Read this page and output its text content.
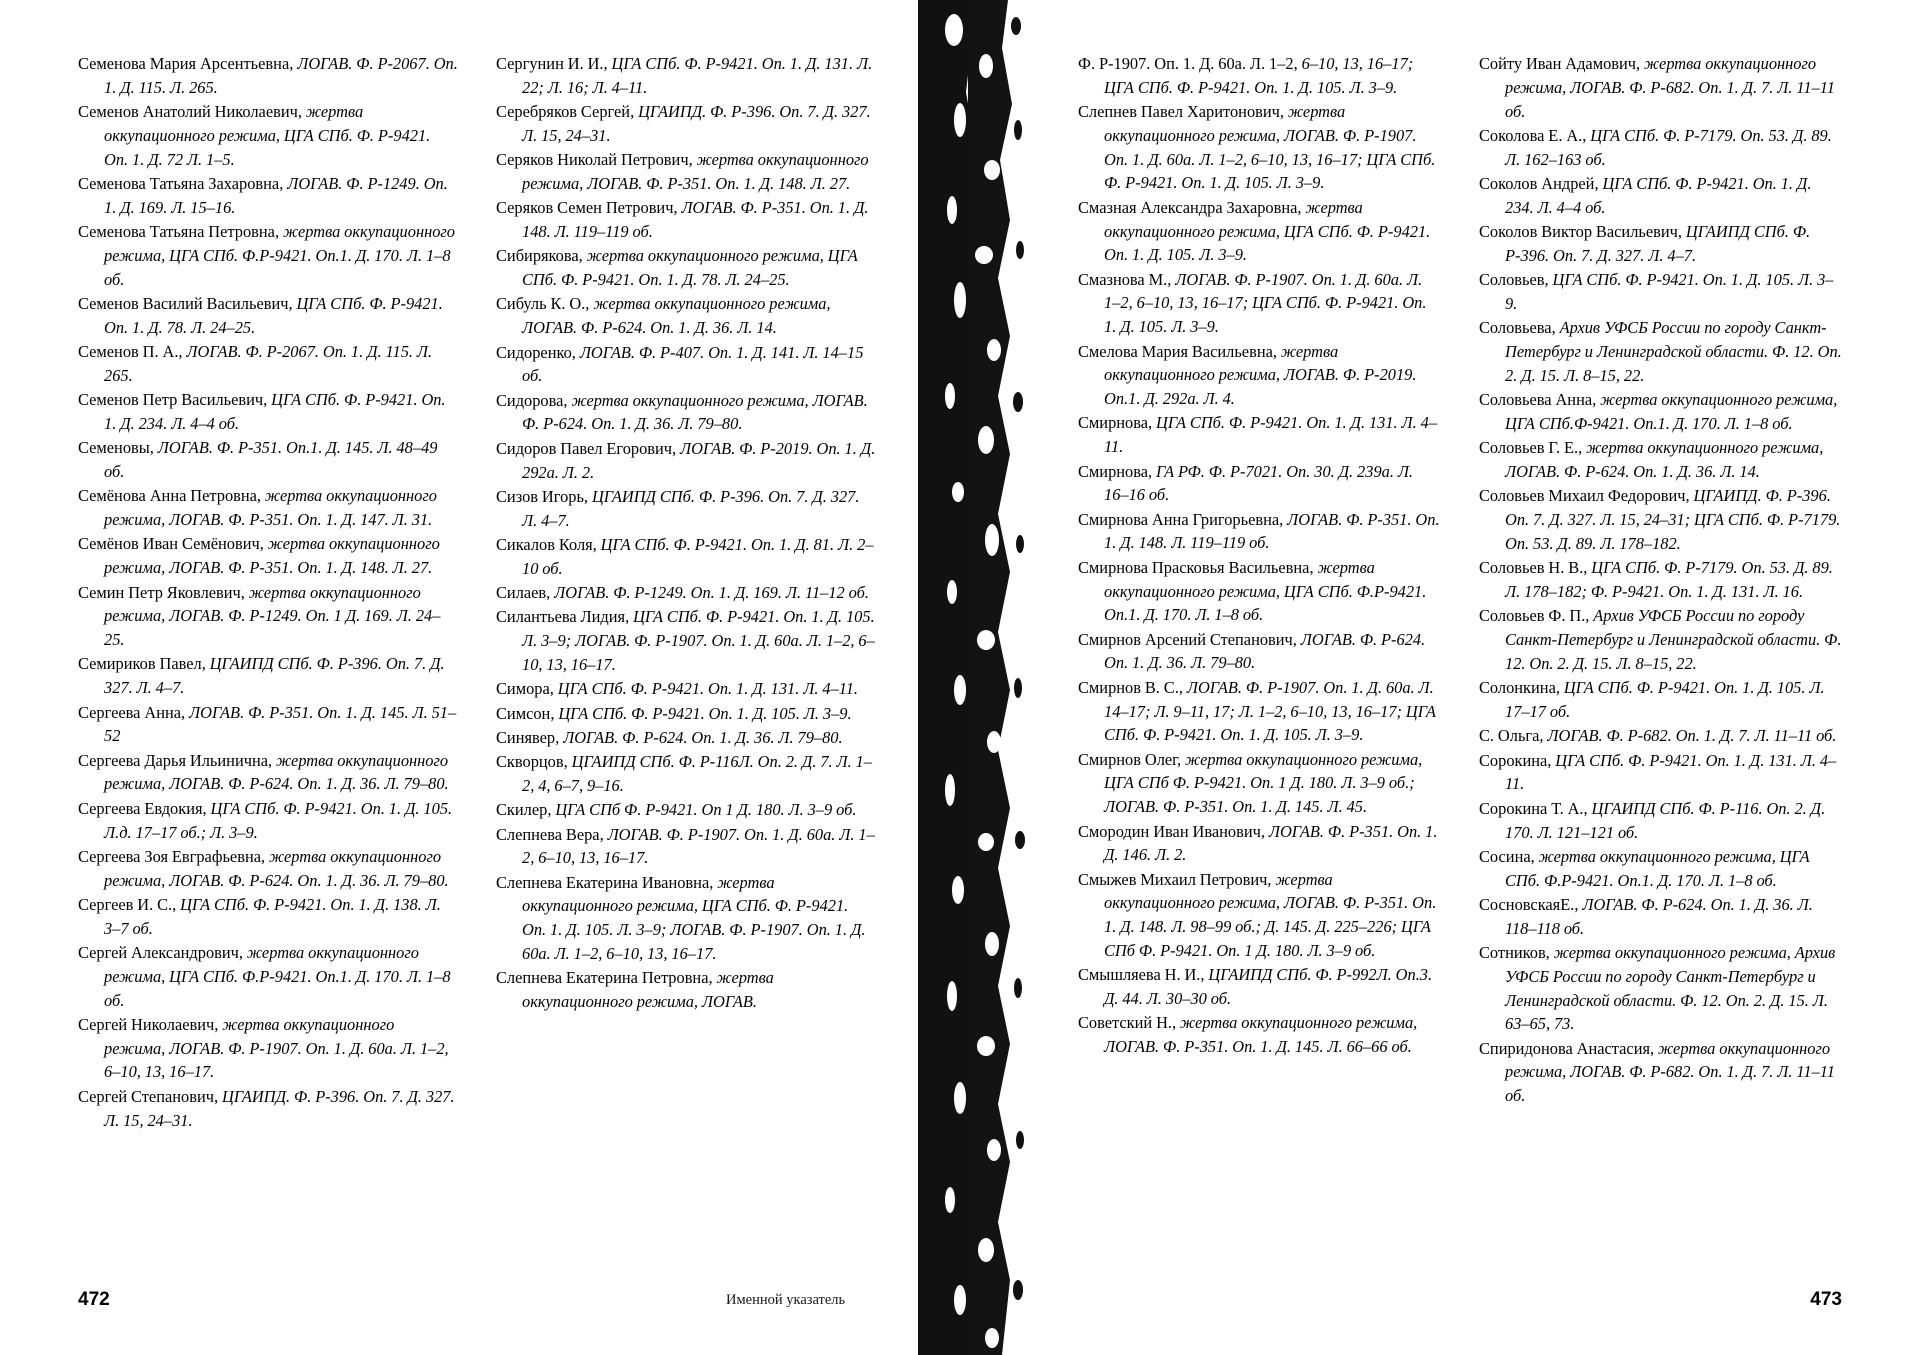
Семенова Мария Арсентьевна, ЛОГАВ. Ф. Р-2067. Оп. 1. Д. 115. Л. 265.

Семенов Анатолий Николаевич, жертва оккупационного режима, ЦГА СПб. Ф. Р-9421. Оп. 1. Д. 72 Л. 1–5.

Семенова Татьяна Захаровна, ЛОГАВ. Ф. Р-1249. Оп. 1. Д. 169. Л. 15–16.

Семенова Татьяна Петровна, жертва оккупационного режима, ЦГА СПб. Ф.Р-9421. Оп.1. Д. 170. Л. 1–8 об.

Семенов Василий Васильевич, ЦГА СПб. Ф. Р-9421. Оп. 1. Д. 78. Л. 24–25.

Семенов П. А., ЛОГАВ. Ф. Р-2067. Оп. 1. Д. 115. Л. 265.

Семенов Петр Васильевич, ЦГА СПб. Ф. Р-9421. Оп. 1. Д. 234. Л. 4–4 об.

Семеновы, ЛОГАВ. Ф. Р-351. Оп.1. Д. 145. Л. 48–49 об.

Семёнова Анна Петровна, жертва оккупационного режима, ЛОГАВ. Ф. Р-351. Оп. 1. Д. 147. Л. 31.

Семёнов Иван Семёнович, жертва оккупационного режима, ЛОГАВ. Ф. Р-351. Оп. 1. Д. 148. Л. 27.

Семин Петр Яковлевич, жертва оккупационного режима, ЛОГАВ. Ф. Р-1249. Оп. 1 Д. 169. Л. 24–25.

Семириков Павел, ЦГАИПД СПб. Ф. Р-396. Оп. 7. Д. 327. Л. 4–7.

Сергеева Анна, ЛОГАВ. Ф. Р-351. Оп. 1. Д. 145. Л. 51–52

Сергеева Дарья Ильинична, жертва оккупационного режима, ЛОГАВ. Ф. Р-624. Оп. 1. Д. 36. Л. 79–80.

Сергеева Евдокия, ЦГА СПб. Ф. Р-9421. Оп. 1. Д. 105. Л.д. 17–17 об.; Л. 3–9.

Сергеева Зоя Евграфьевна, жертва оккупационного режима, ЛОГАВ. Ф. Р-624. Оп. 1. Д. 36. Л. 79–80.

Сергеев И. С., ЦГА СПб. Ф. Р-9421. Оп. 1. Д. 138. Л. 3–7 об.

Сергей Александрович, жертва оккупационного режима, ЦГА СПб. Ф.Р-9421. Оп.1. Д. 170. Л. 1–8 об.

Сергей Николаевич, жертва оккупационного режима, ЛОГАВ. Ф. Р-1907. Оп. 1. Д. 60а. Л. 1–2, 6–10, 13, 16–17.

Сергей Степанович, ЦГАИПД. Ф. Р-396. Оп. 7. Д. 327. Л. 15, 24–31.

Сергунин И. И., ЦГА СПб. Ф. Р-9421. Оп. 1. Д. 131. Л. 22; Л. 16; Л. 4–11.

Серебряков Сергей, ЦГАИПД. Ф. Р-396. Оп. 7. Д. 327. Л. 15, 24–31.

Серяков Николай Петрович, жертва оккупационного режима, ЛОГАВ. Ф. Р-351. Оп. 1. Д. 148. Л. 27.

Серяков Семен Петрович, ЛОГАВ. Ф. Р-351. Оп. 1. Д. 148. Л. 119–119 об.

Сибирякова, жертва оккупационного режима, ЦГА СПб. Ф. Р-9421. Оп. 1. Д. 78. Л. 24–25.

Сибуль К. О., жертва оккупационного режима, ЛОГАВ. Ф. Р-624. Оп. 1. Д. 36. Л. 14.

Сидоренко, ЛОГАВ. Ф. Р-407. Оп. 1. Д. 141. Л. 14–15 об.

Сидорова, жертва оккупационного режима, ЛОГАВ. Ф. Р-624. Оп. 1. Д. 36. Л. 79–80.

Сидоров Павел Егорович, ЛОГАВ. Ф. Р-2019. Оп. 1. Д. 292а. Л. 2.

Сизов Игорь, ЦГАИПД СПб. Ф. Р-396. Оп. 7. Д. 327. Л. 4–7.

Сикалов Коля, ЦГА СПб. Ф. Р-9421. Оп. 1. Д. 81. Л. 2–10 об.

Силаев, ЛОГАВ. Ф. Р-1249. Оп. 1. Д. 169. Л. 11–12 об.

Силантьева Лидия, ЦГА СПб. Ф. Р-9421. Оп. 1. Д. 105. Л. 3–9; ЛОГАВ. Ф. Р-1907. Оп. 1. Д. 60а. Л. 1–2, 6–10, 13, 16–17.

Симора, ЦГА СПб. Ф. Р-9421. Оп. 1. Д. 131. Л. 4–11.

Симсон, ЦГА СПб. Ф. Р-9421. Оп. 1. Д. 105. Л. 3–9.

Синявер, ЛОГАВ. Ф. Р-624. Оп. 1. Д. 36. Л. 79–80.

Скворцов, ЦГАИПД СПб. Ф. Р-116Л. Оп. 2. Д. 7. Л. 1–2, 4, 6–7, 9–16.

Скилер, ЦГА СПб Ф. Р-9421. Оп 1 Д. 180. Л. 3–9 об.

Слепнева Вера, ЛОГАВ. Ф. Р-1907. Оп. 1. Д. 60а. Л. 1–2, 6–10, 13, 16–17.

Слепнева Екатерина Ивановна, жертва оккупационного режима, ЦГА СПб. Ф. Р-9421. Оп. 1. Д. 105. Л. 3–9; ЛОГАВ. Ф. Р-1907. Оп. 1. Д. 60а. Л. 1–2, 6–10, 13, 16–17.

Слепнева Екатерина Петровна, жертва оккупационного режима, ЛОГАВ.

472	Именной указатель

Ф. Р-1907. Оп. 1. Д. 60а. Л. 1–2, 6–10, 13, 16–17; ЦГА СПб. Ф. Р-9421. Оп. 1. Д. 105. Л. 3–9.

Слепнев Павел Харитонович, жертва оккупационного режима, ЛОГАВ. Ф. Р-1907. Оп. 1. Д. 60а. Л. 1–2, 6–10, 13, 16–17; ЦГА СПб. Ф. Р-9421. Оп. 1. Д. 105. Л. 3–9.

Смазная Александра Захаровна, жертва оккупационного режима, ЦГА СПб. Ф. Р-9421. Оп. 1. Д. 105. Л. 3–9.

Смазнова М., ЛОГАВ. Ф. Р-1907. Оп. 1. Д. 60а. Л. 1–2, 6–10, 13, 16–17; ЦГА СПб. Ф. Р-9421. Оп. 1. Д. 105. Л. 3–9.

Смелова Мария Васильевна, жертва оккупационного режима, ЛОГАВ. Ф. Р-2019. Оп.1. Д. 292а. Л. 4.

Смирнова, ЦГА СПб. Ф. Р-9421. Оп. 1. Д. 131. Л. 4–11.

Смирнова, ГА РФ. Ф. Р-7021. Оп. 30. Д. 239а. Л. 16–16 об.

Смирнова Анна Григорьевна, ЛОГАВ. Ф. Р-351. Оп. 1. Д. 148. Л. 119–119 об.

Смирнова Прасковья Васильевна, жертва оккупационного режима, ЦГА СПб. Ф.Р-9421. Оп.1. Д. 170. Л. 1–8 об.

Смирнов Арсений Степанович, ЛОГАВ. Ф. Р-624. Оп. 1. Д. 36. Л. 79–80.

Смирнов В. С., ЛОГАВ. Ф. Р-1907. Оп. 1. Д. 60а. Л. 14–17; Л. 9–11, 17; Л. 1–2, 6–10, 13, 16–17; ЦГА СПб. Ф. Р-9421. Оп. 1. Д. 105. Л. 3–9.

Смирнов Олег, жертва оккупационного режима, ЦГА СПб Ф. Р-9421. Оп. 1 Д. 180. Л. 3–9 об.; ЛОГАВ. Ф. Р-351. Оп. 1. Д. 145. Л. 45.

Смородин Иван Иванович, ЛОГАВ. Ф. Р-351. Оп. 1. Д. 146. Л. 2.

Смыжев Михаил Петрович, жертва оккупационного режима, ЛОГАВ. Ф. Р-351. Оп. 1. Д. 148. Л. 98–99 об.; Д. 145. Д. 225–226; ЦГА СПб Ф. Р-9421. Оп. 1 Д. 180. Л. 3–9 об.

Смышляева Н. И., ЦГАИПД СПб. Ф. Р-992Л. Оп.3. Д. 44. Л. 30–30 об.

Советский Н., жертва оккупационного режима, ЛОГАВ. Ф. Р-351. Оп. 1. Д. 145. Л. 66–66 об.

Сойту Иван Адамович, жертва оккупационного режима, ЛОГАВ. Ф. Р-682. Оп. 1. Д. 7. Л. 11–11 об.

Соколова Е. А., ЦГА СПб. Ф. Р-7179. Оп. 53. Д. 89. Л. 162–163 об.

Соколов Андрей, ЦГА СПб. Ф. Р-9421. Оп. 1. Д. 234. Л. 4–4 об.

Соколов Виктор Васильевич, ЦГАИПД СПб. Ф. Р-396. Оп. 7. Д. 327. Л. 4–7.

Соловьев, ЦГА СПб. Ф. Р-9421. Оп. 1. Д. 105. Л. 3–9.

Соловьева, Архив УФСБ России по городу Санкт-Петербург и Ленинградской области. Ф. 12. Оп. 2. Д. 15. Л. 8–15, 22.

Соловьева Анна, жертва оккупационного режима, ЦГА СПб.Ф-9421. Оп.1. Д. 170. Л. 1–8 об.

Соловьев Г. Е., жертва оккупационного режима, ЛОГАВ. Ф. Р-624. Оп. 1. Д. 36. Л. 14.

Соловьев Михаил Федорович, ЦГАИПД. Ф. Р-396. Оп. 7. Д. 327. Л. 15, 24–31; ЦГА СПб. Ф. Р-7179. Оп. 53. Д. 89. Л. 178–182.

Соловьев Н. В., ЦГА СПб. Ф. Р-7179. Оп. 53. Д. 89. Л. 178–182; Ф. Р-9421. Оп. 1. Д. 131. Л. 16.

Соловьев Ф. П., Архив УФСБ России по городу Санкт-Петербург и Ленинградской области. Ф. 12. Оп. 2. Д. 15. Л. 8–15, 22.

Солонкина, ЦГА СПб. Ф. Р-9421. Оп. 1. Д. 105. Л. 17–17 об.

С. Ольга, ЛОГАВ. Ф. Р-682. Оп. 1. Д. 7. Л. 11–11 об.

Сорокина, ЦГА СПб. Ф. Р-9421. Оп. 1. Д. 131. Л. 4–11.

Сорокина Т. А., ЦГАИПД СПб. Ф. Р-116. Оп. 2. Д. 170. Л. 121–121 об.

Сосина, жертва оккупационного режима, ЦГА СПб. Ф.Р-9421. Оп.1. Д. 170. Л. 1–8 об.

СосновскаяЕ., ЛОГАВ. Ф. Р-624. Оп. 1. Д. 36. Л. 118–118 об.

Сотников, жертва оккупационного режима, Архив УФСБ России по городу Санкт-Петербург и Ленинградской области. Ф. 12. Оп. 2. Д. 15. Л. 63–65, 73.

Спиридонова Анастасия, жертва оккупационного режима, ЛОГАВ. Ф. Р-682. Оп. 1. Д. 7. Л. 11–11 об.

473
